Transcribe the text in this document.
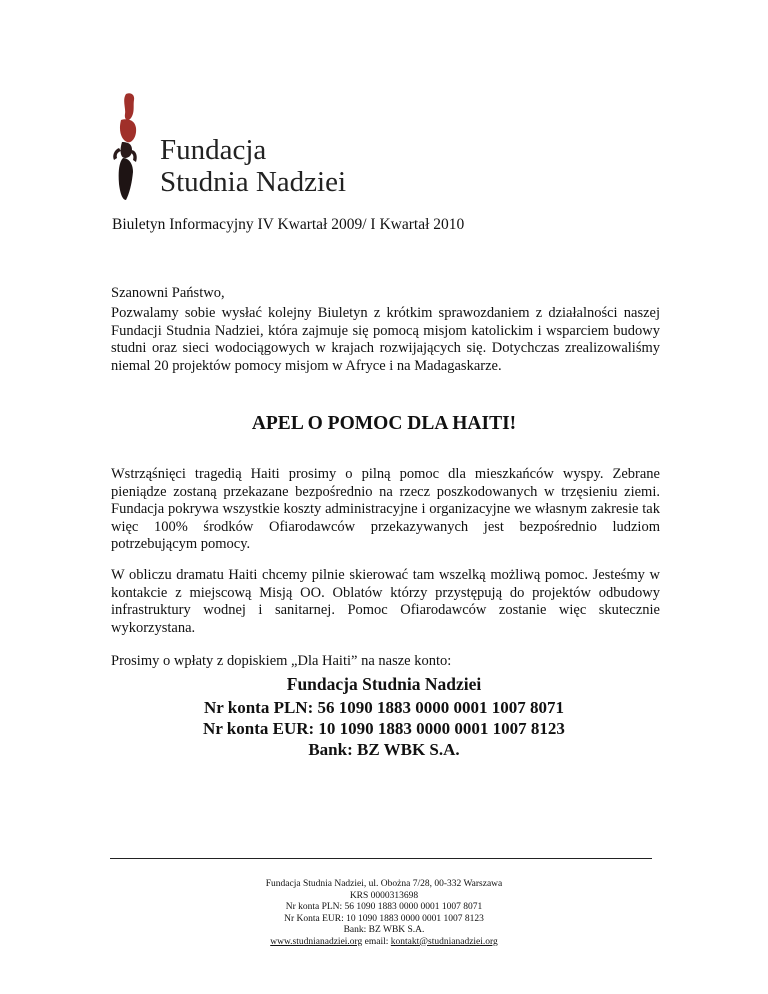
Fundacja
Studnia Nadziei
Biuletyn Informacyjny IV Kwartał 2009/ I Kwartał 2010
Szanowni Państwo,

Pozwalamy sobie wysłać kolejny Biuletyn z krótkim sprawozdaniem z działalności naszej Fundacji Studnia Nadziei, która zajmuje się pomocą misjom katolickim i wsparciem budowy studni oraz sieci wodociągowych w krajach rozwijających się. Dotychczas zrealizowaliśmy niemal 20 projektów pomocy misjom w Afryce i na Madagaskarze.

APEL O POMOC DLA HAITI!

Wstrząśnięci tragedią Haiti prosimy o pilną pomoc dla mieszkańców wyspy. Zebrane pieniądze zostaną przekazane bezpośrednio na rzecz poszkodowanych w trzęsieniu ziemi. Fundacja pokrywa wszystkie koszty administracyjne i organizacyjne we własnym zakresie tak więc 100% środków Ofiarodawców przekazywanych jest bezpośrednio ludziom potrzebującym pomocy.

W obliczu dramatu Haiti chcemy pilnie skierować tam wszelką możliwą pomoc. Jesteśmy w kontakcie z miejscową Misją OO. Oblatów którzy przystępują do projektów odbudowy infrastruktury wodnej i sanitarnej. Pomoc Ofiarodawców zostanie więc skutecznie wykorzystana.

Prosimy o wpłaty z dopiskiem „Dla Haiti” na nasze konto:
Fundacja Studnia Nadziei
Nr konta PLN: 56 1090 1883 0000 0001 1007 8071
Nr konta EUR: 10 1090 1883 0000 0001 1007 8123
Bank: BZ WBK S.A.
Fundacja Studnia Nadziei, ul. Obożna 7/28, 00-332 Warszawa
KRS 0000313698
Nr konta PLN: 56 1090 1883 0000 0001 1007 8071
Nr Konta EUR: 10 1090 1883 0000 0001 1007 8123
Bank: BZ WBK S.A.
www.studnianadziei.org email: kontakt@studnianadziei.org
